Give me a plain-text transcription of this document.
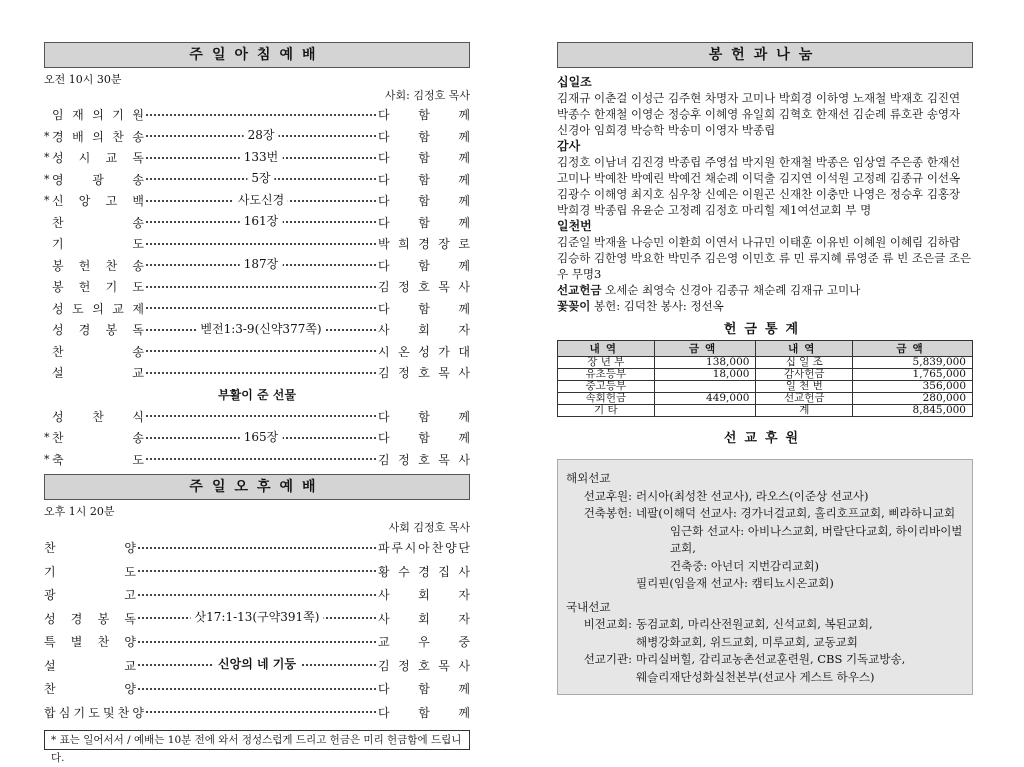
주일아침예배
오전 10시 30분
사회: 김정호 목사
임 재 의 기 원	다 함 께
* 경 배 의 찬 송	28장	다 함 께
* 성 시 교 독	133번	다 함 께
* 영 광 송	5장	다 함 께
* 신 앙 고 백	사도신경	다 함 께
찬	송	161장	다 함 께
기	도	박 희 경 장 로
봉 헌 찬 송	187장	다 함 께
봉 헌 기 도	김 정 호 목 사
성 도 의 교 제	다 함 께
성 경 봉 독	벧전1:3-9(신약377쪽)	사 회 자
찬	송	시 온 성 가 대
설	교	김 정 호 목 사
부활이 준 선물
성 찬 식	다 함 께
* 찬	송	165장	다 함 께
* 축	도	김 정 호 목 사
주일오후예배
오후 1시 20분
사회 김정호 목사
찬	양	파 루 시 아 찬 양 단
기	도	황 수 경 집 사
광	고	사 회 자
성 경 봉 독	삿17:1-13(구약391쪽)	사 회 자
특 별 찬 양	교 우 중
설	교	신앙의 네 기둥	김 정 호 목 사
찬	양	다 함 께
합 심 기 도 및 찬 양	다 함 께
* 표는 일어서서 / 예배는 10분 전에 와서 정성스럽게 드리고 헌금은 미리 헌금함에 드립니다.
봉헌과나눔
십일조
김재규 이춘걸 이성근 김주현 차명자 고미나 박희경 이하영 노재철 박재호 김진연 박종수 한재철 이영순 정승후 이혜영 유일희 김혁호 한재선 김순례 류호관 송영자 신경아 임희경 박승학 박송미 이영자 박종립
감사
김정호 이남녀 김진경 박종립 주영섭 박지원 한재철 박종은 임상열 주은종 한재선 고미나 박예찬 박예린 박예건 채순례 이덕출 김지연 이석원 고정례 김종규 이선옥 김광수 이해영 최지호 심우창 신예은 이원곤 신재찬 이충만 나영은 정승후 김홍장 박희경 박종립 유윤순 고정례 김정호 마리힐 제1여선교회 부 명
일천번
김준일 박재율 나승민 이환희 이연서 나규민 이태훈 이유빈 이혜원 이혜림 김하람 김승하 김한영 박요한 박민주 김은영 이민호 류 민 류지혜 류영준 류 빈 조은글 조은우 무명3
선교헌금 오세순 최영숙 신경아 김종규 채순례 김재규 고미나
꽃꽂이 봉헌: 김덕찬 봉사: 정선옥
헌금통계
내역	금액	내역	금액
장 년 부	138,000	십 일 조	5,839,000
유초등부	18,000	감사헌금	1,765,000
중고등부		일 천 번	356,000
속회헌금	449,000	선교헌금	280,000
기 타		계	8,845,000
선교후원
해외선교
선교후원: 러시아(최성찬 선교사), 라오스(이준상 선교사)
건축봉헌: 네팔(이해덕 선교사: 경가너걸교회, 홀리호프교회, 삐라하니교회
임근화 선교사: 아비나스교회, 버랄단다교회, 하이리바이벌교회,
건축중: 아넌더 지번감리교회)
필리핀(임을재 선교사: 캠티뇨시온교회)
국내선교
비전교회: 동검교회, 마리산전원교회, 신석교회, 복된교회,
해병강화교회, 위드교회, 미루교회, 교동교회
선교기관: 마리실버힐, 감리교농촌선교훈련원, CBS 기독교방송,
웨슬리재단성화실천본부(선교사 게스트 하우스)
